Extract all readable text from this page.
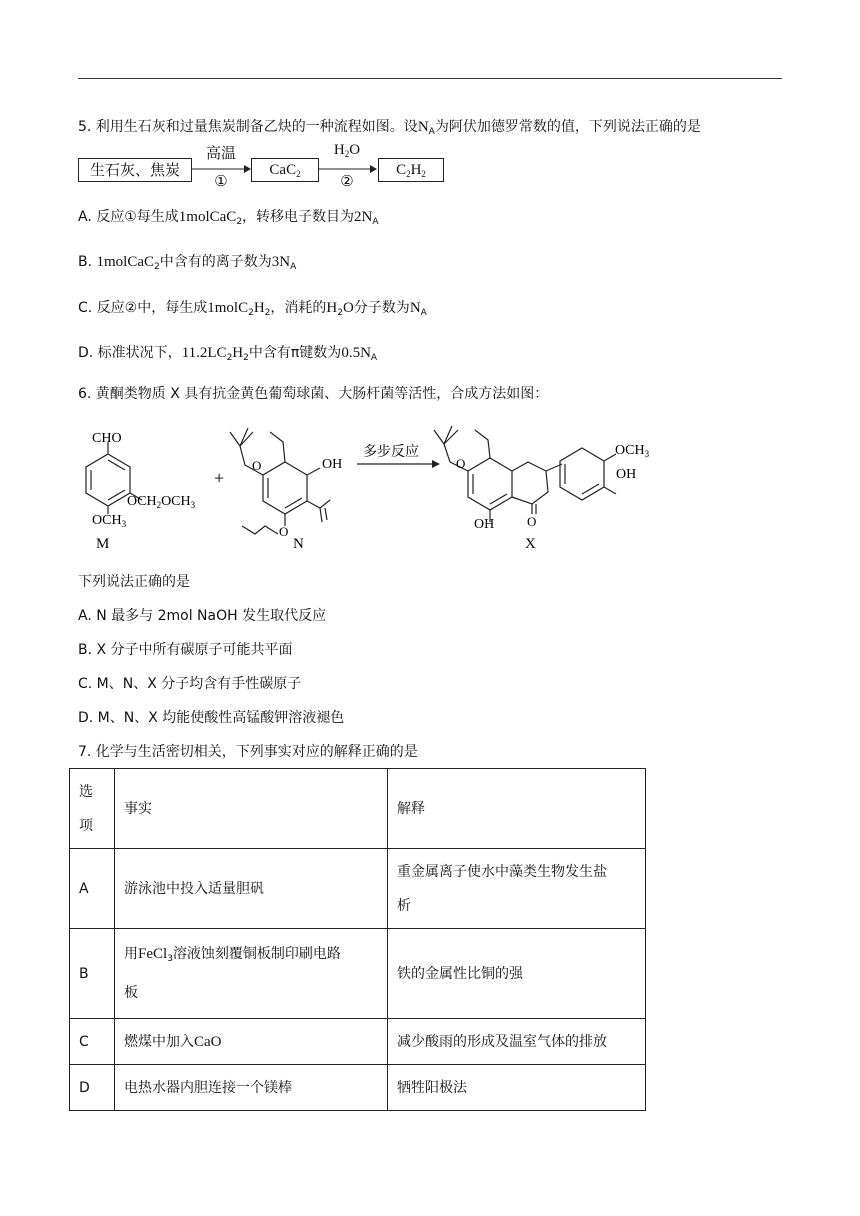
5. 利用生石灰和过量焦炭制备乙炔的一种流程如图。设$N_A$为阿伏加德罗常数的值，下列说法正确的是
生石灰、焦炭
高温
①
CaC$_2$
$H_2O$
②
$C_2H_2$
A. 反应①每生成1molCaC$_2$，转移电子数目为$2N_A$
B. 1molCaC$_2$中含有的离子数为$3N_A$
C. 反应②中，每生成$1molC_2H_2$，消耗的$H_2O$分子数为$N_A$
D. 标准状况下，$11.2LC_2H_2$中含有π键数为$0.5N_A$
6. 黄酮类物质 X 具有抗金黄色葡萄球菌、大肠杆菌等活性，合成方法如图：
CHO
$OCH_2OCH_3$
$OCH_3$
M
+
OH
O
O
N
多步反应
O
$OCH_3$
OH
OH	O
X
下列说法正确的是
A. N 最多与 2mol NaOH 发生取代反应
B. X 分子中所有碳原子可能共平面
C. M、N、X 分子均含有手性碳原子
D. M、N、X 均能使酸性高锰酸钾溶液褪色
7. 化学与生活密切相关，下列事实对应的解释正确的是
选
项	事实	解释
A	游泳池中投入适量胆矾	重金属离子使水中藻类生物发生盐
析

B	用FeCl$_3$溶液蚀刻覆铜板制印刷电路
板	铁的金属性比铜的强
C	燃煤中加入CaO	减少酸雨的形成及温室气体的排放
D	电热水器内胆连接一个镁棒	牺牲阳极法
